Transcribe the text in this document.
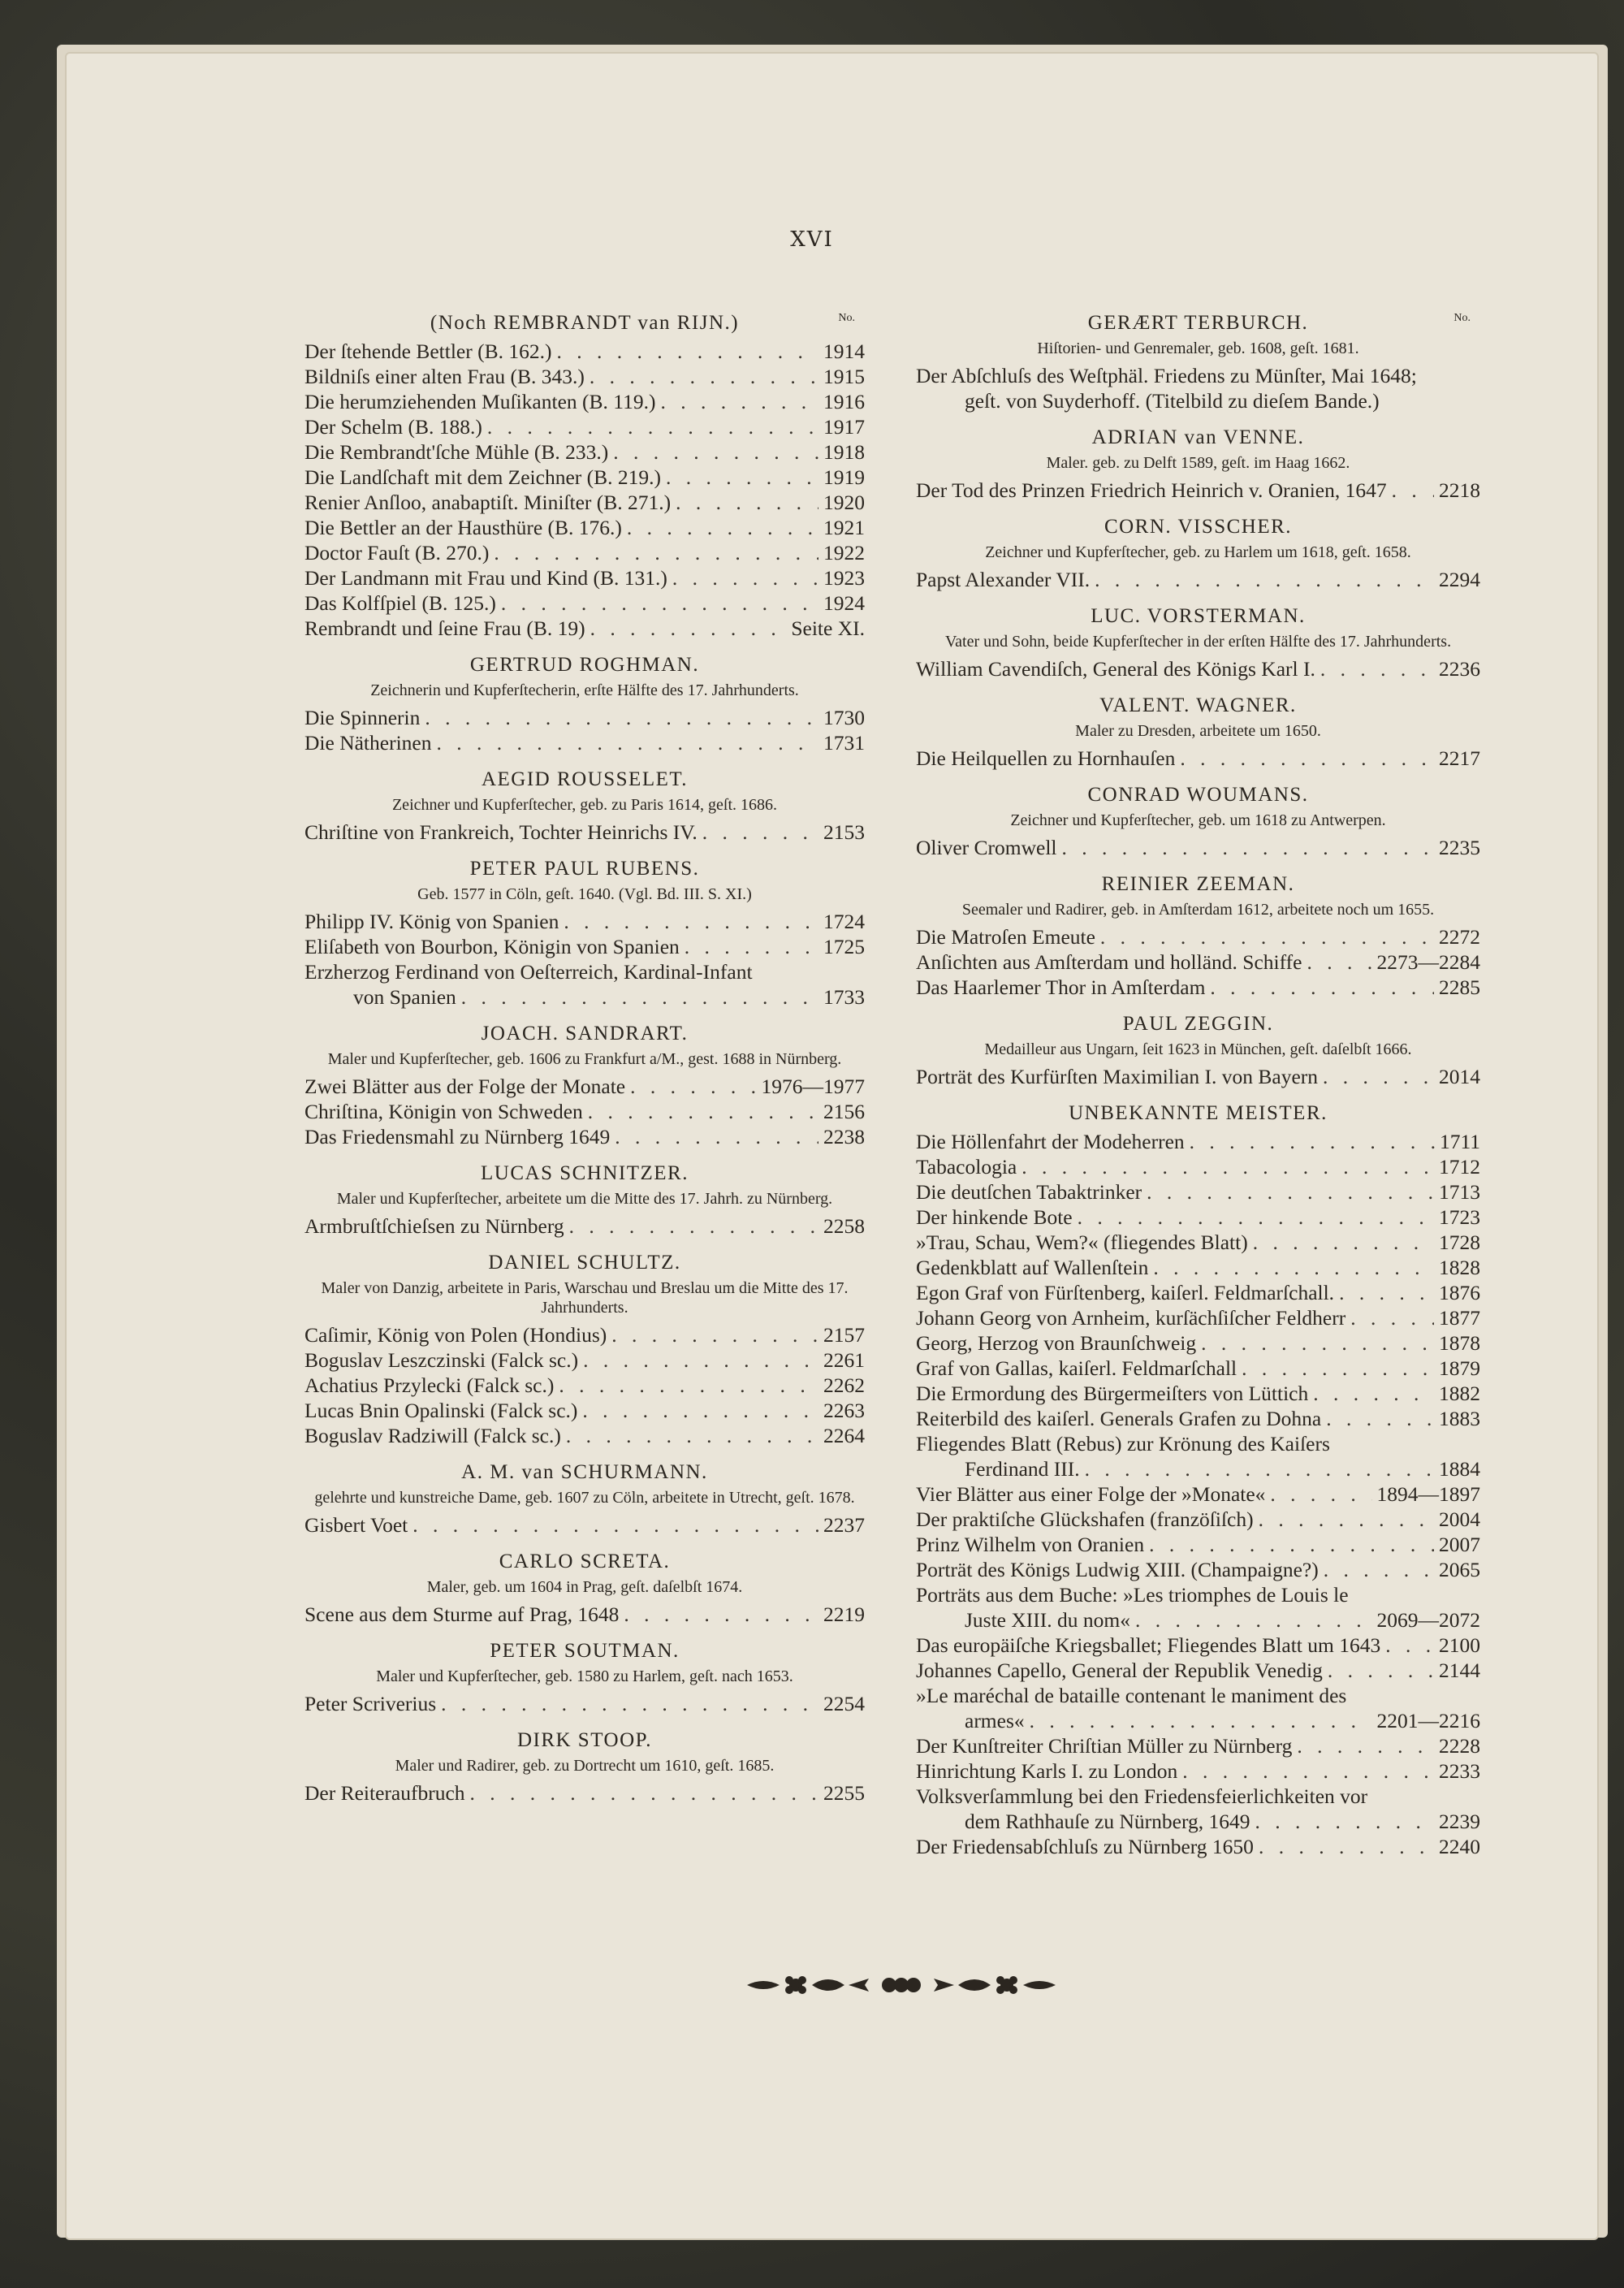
XVI
(Noch REMBRANDT van RIJN.)	No.
Der ſtehende Bettler (B. 162.) . . .	1914
Bildniſs einer alten Frau (B. 343.) . . .	1915
Die herumziehenden Muſikanten (B. 119.) . . .	1916
Der Schelm (B. 188.) . . .	1917
Die Rembrandt'ſche Mühle (B. 233.) . . .	1918
Die Landſchaft mit dem Zeichner (B. 219.) . . .	1919
Renier Anſloo, anabaptiſt. Miniſter (B. 271.) . . .	1920
Die Bettler an der Hausthüre (B. 176.) . . .	1921
Doctor Fauſt (B. 270.) . . .	1922
Der Landmann mit Frau und Kind (B. 131.) . . .	1923
Das Kolfſpiel (B. 125.) . . .	1924
Rembrandt und ſeine Frau (B. 19) . . .	Seite XI.
GERTRUD ROGHMAN.
Zeichnerin und Kupferſtecherin, erſte Hälfte des 17. Jahrhunderts.
Die Spinnerin . . .	1730
Die Nätherinen . . .	1731
AEGID ROUSSELET.
Zeichner und Kupferſtecher, geb. zu Paris 1614, geſt. 1686.
Chriſtine von Frankreich, Tochter Heinrichs IV. . . .	2153
PETER PAUL RUBENS.
Geb. 1577 in Cöln, geſt. 1640. (Vgl. Bd. III. S. XI.)
Philipp IV. König von Spanien . . .	1724
Eliſabeth von Bourbon, Königin von Spanien . . .	1725
Erzherzog Ferdinand von Oeſterreich, Kardinal-Infant
von Spanien . . .	1733
JOACH. SANDRART.
Maler und Kupferſtecher, geb. 1606 zu Frankfurt a/M., gest. 1688 in Nürnberg.
Zwei Blätter aus der Folge der Monate . . .	1976—1977
Chriſtina, Königin von Schweden . . .	2156
Das Friedensmahl zu Nürnberg 1649 . . .	2238
LUCAS SCHNITZER.
Maler und Kupferſtecher, arbeitete um die Mitte des 17. Jahrh. zu Nürnberg.
Armbruſtſchieſsen zu Nürnberg . . .	2258
DANIEL SCHULTZ.
Maler von Danzig, arbeitete in Paris, Warschau und Breslau um die Mitte des 17. Jahrhunderts.
Caſimir, König von Polen (Hondius) . . .	2157
Boguslav Leszczinski (Falck sc.) . . .	2261
Achatius Przylecki (Falck sc.) . . .	2262
Lucas Bnin Opalinski (Falck sc.) . . .	2263
Boguslav Radziwill (Falck sc.) . . .	2264
A. M. van SCHURMANN.
gelehrte und kunstreiche Dame, geb. 1607 zu Cöln, arbeitete in Utrecht, geſt. 1678.
Gisbert Voet . . .	2237
CARLO SCRETA.
Maler, geb. um 1604 in Prag, geſt. daſelbſt 1674.
Scene aus dem Sturme auf Prag, 1648 . . .	2219
PETER SOUTMAN.
Maler und Kupferſtecher, geb. 1580 zu Harlem, geſt. nach 1653.
Peter Scriverius . . .	2254
DIRK STOOP.
Maler und Radirer, geb. zu Dortrecht um 1610, geſt. 1685.
Der Reiteraufbruch . . .	2255
GERÆRT TERBURCH.	No.
Hiſtorien- und Genremaler, geb. 1608, geſt. 1681.
Der Abſchluſs des Weſtphäl. Friedens zu Münſter, Mai 1648;
geſt. von Suyderhoff. (Titelbild zu dieſem Bande.)
ADRIAN van VENNE.
Maler. geb. zu Delft 1589, geſt. im Haag 1662.
Der Tod des Prinzen Friedrich Heinrich v. Oranien, 1647 . . .	2218
CORN. VISSCHER.
Zeichner und Kupferſtecher, geb. zu Harlem um 1618, geſt. 1658.
Papst Alexander VII. . . .	2294
LUC. VORSTERMAN.
Vater und Sohn, beide Kupferſtecher in der erſten Hälfte des 17. Jahrhunderts.
William Cavendiſch, General des Königs Karl I. . . .	2236
VALENT. WAGNER.
Maler zu Dresden, arbeitete um 1650.
Die Heilquellen zu Hornhauſen . . .	2217
CONRAD WOUMANS.
Zeichner und Kupferſtecher, geb. um 1618 zu Antwerpen.
Oliver Cromwell . . .	2235
REINIER ZEEMAN.
Seemaler und Radirer, geb. in Amſterdam 1612, arbeitete noch um 1655.
Die Matroſen Emeute . . .	2272
Anſichten aus Amſterdam und holländ. Schiffe . . .	2273—2284
Das Haarlemer Thor in Amſterdam . . .	2285
PAUL ZEGGIN.
Medailleur aus Ungarn, ſeit 1623 in München, geſt. daſelbſt 1666.
Porträt des Kurfürſten Maximilian I. von Bayern . . .	2014
UNBEKANNTE MEISTER.
Die Höllenfahrt der Modeherren . . .	1711
Tabacologia . . .	1712
Die deutſchen Tabaktrinker . . .	1713
Der hinkende Bote . . .	1723
»Trau, Schau, Wem?« (fliegendes Blatt) . . .	1728
Gedenkblatt auf Wallenſtein . . .	1828
Egon Graf von Fürſtenberg, kaiſerl. Feldmarſchall. . . .	1876
Johann Georg von Arnheim, kurſächſiſcher Feldherr . . .	1877
Georg, Herzog von Braunſchweig . . .	1878
Graf von Gallas, kaiſerl. Feldmarſchall . . .	1879
Die Ermordung des Bürgermeiſters von Lüttich . . .	1882
Reiterbild des kaiſerl. Generals Grafen zu Dohna . . .	1883
Fliegendes Blatt (Rebus) zur Krönung des Kaiſers
Ferdinand III. . . .	1884
Vier Blätter aus einer Folge der »Monate« . . .	1894—1897
Der praktiſche Glückshafen (franzöſiſch) . . .	2004
Prinz Wilhelm von Oranien . . .	2007
Porträt des Königs Ludwig XIII. (Champaigne?) . . .	2065
Porträts aus dem Buche: »Les triomphes de Louis le
Juste XIII. du nom« . . .	2069—2072
Das europäiſche Kriegsballet; Fliegendes Blatt um 1643 . . .	2100
Johannes Capello, General der Republik Venedig . . .	2144
»Le maréchal de bataille contenant le maniment des
armes« . . .	2201—2216
Der Kunſtreiter Chriſtian Müller zu Nürnberg . . .	2228
Hinrichtung Karls I. zu London . . .	2233
Volksverſammlung bei den Friedensfeierlichkeiten vor
dem Rathhauſe zu Nürnberg, 1649 . . .	2239
Der Friedensabſchluſs zu Nürnberg 1650 . . .	2240
